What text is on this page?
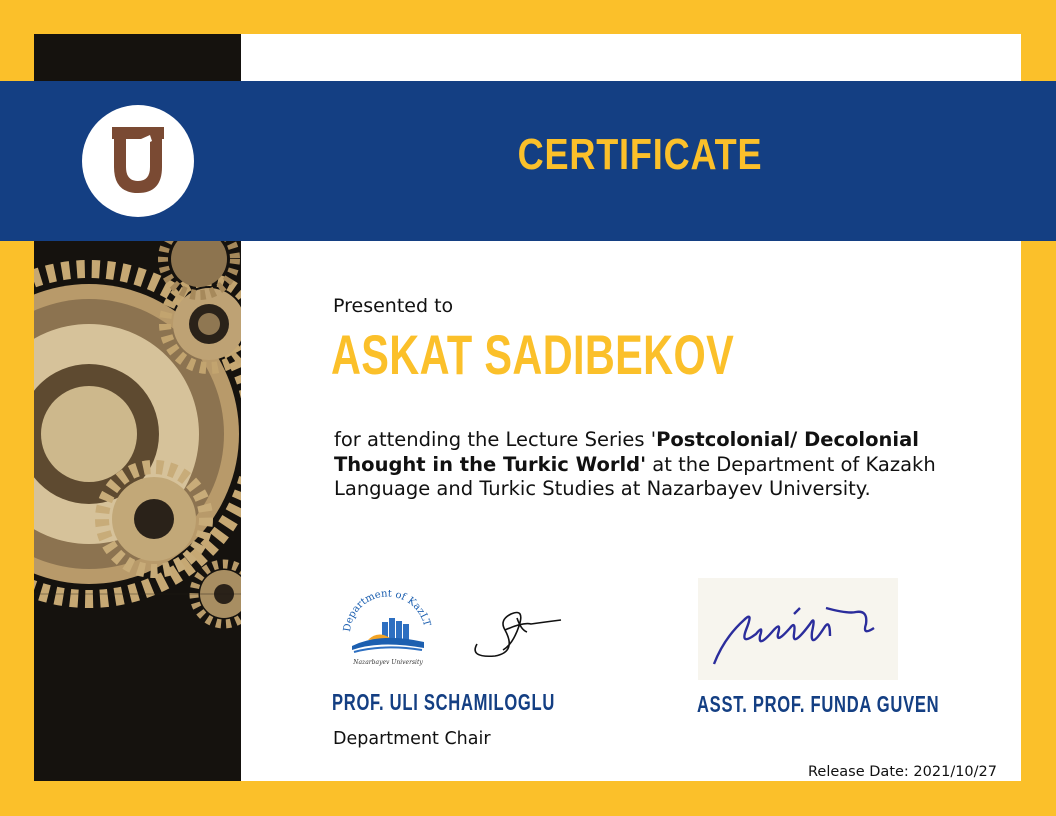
CERTIFICATE
Presented to
ASKAT SADIBEKOV
for attending the Lecture Series 'Postcolonial/ Decolonial Thought in the Turkic World' at the Department of Kazakh Language and Turkic Studies at Nazarbayev University.
Department of KazLT
Nazarbayev University
PROF. ULI SCHAMILOGLU
Department Chair
ASST. PROF. FUNDA GUVEN
Release Date: 2021/10/27
